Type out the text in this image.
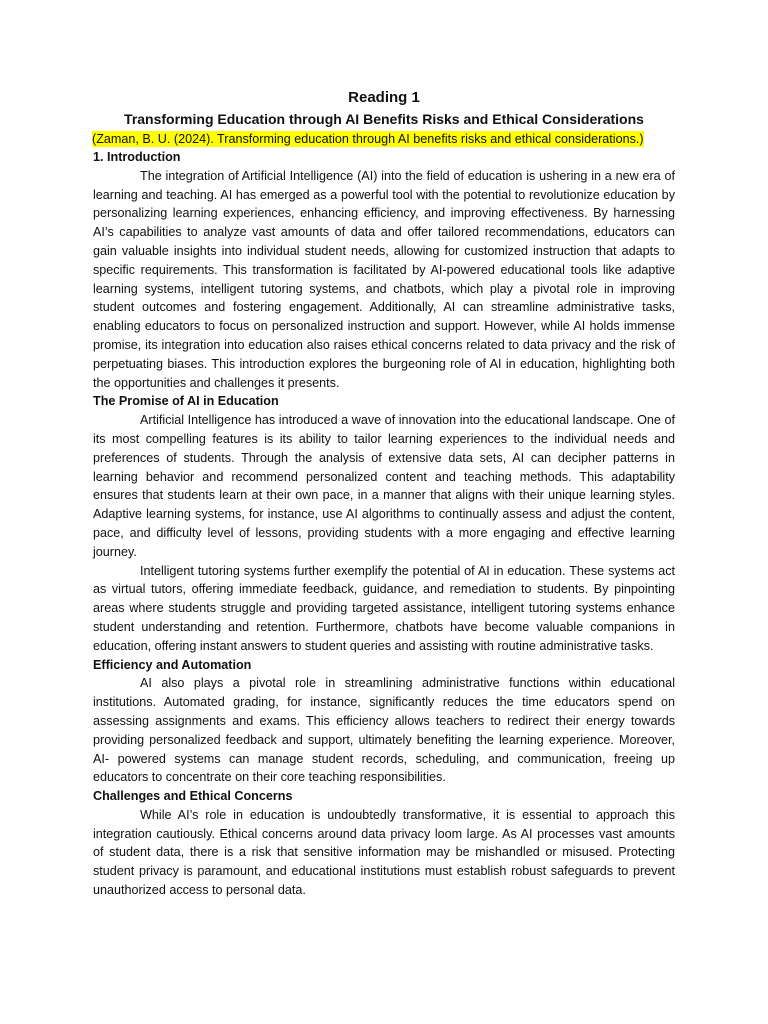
Reading 1
Transforming Education through AI Benefits Risks and Ethical Considerations
(Zaman, B. U. (2024). Transforming education through AI benefits risks and ethical considerations.)

1. Introduction

The integration of Artificial Intelligence (AI) into the field of education is ushering in a new era of learning and teaching. AI has emerged as a powerful tool with the potential to revolutionize education by personalizing learning experiences, enhancing efficiency, and improving effectiveness. By harnessing AI’s capabilities to analyze vast amounts of data and offer tailored recommendations, educators can gain valuable insights into individual student needs, allowing for customized instruction that adapts to specific requirements. This transformation is facilitated by AI-powered educational tools like adaptive learning systems, intelligent tutoring systems, and chatbots, which play a pivotal role in improving student outcomes and fostering engagement. Additionally, AI can streamline administrative tasks, enabling educators to focus on personalized instruction and support. However, while AI holds immense promise, its integration into education also raises ethical concerns related to data privacy and the risk of perpetuating biases. This introduction explores the burgeoning role of AI in education, highlighting both the opportunities and challenges it presents.

The Promise of AI in Education

Artificial Intelligence has introduced a wave of innovation into the educational landscape. One of its most compelling features is its ability to tailor learning experiences to the individual needs and preferences of students. Through the analysis of extensive data sets, AI can decipher patterns in learning behavior and recommend personalized content and teaching methods. This adaptability ensures that students learn at their own pace, in a manner that aligns with their unique learning styles. Adaptive learning systems, for instance, use AI algorithms to continually assess and adjust the content, pace, and difficulty level of lessons, providing students with a more engaging and effective learning journey.

Intelligent tutoring systems further exemplify the potential of AI in education. These systems act as virtual tutors, offering immediate feedback, guidance, and remediation to students. By pinpointing areas where students struggle and providing targeted assistance, intelligent tutoring systems enhance student understanding and retention. Furthermore, chatbots have become valuable companions in education, offering instant answers to student queries and assisting with routine administrative tasks.

Efficiency and Automation

AI also plays a pivotal role in streamlining administrative functions within educational institutions. Automated grading, for instance, significantly reduces the time educators spend on assessing assignments and exams. This efficiency allows teachers to redirect their energy towards providing personalized feedback and support, ultimately benefiting the learning experience. Moreover, AI- powered systems can manage student records, scheduling, and communication, freeing up educators to concentrate on their core teaching responsibilities.

Challenges and Ethical Concerns

While AI’s role in education is undoubtedly transformative, it is essential to approach this integration cautiously. Ethical concerns around data privacy loom large. As AI processes vast amounts of student data, there is a risk that sensitive information may be mishandled or misused. Protecting student privacy is paramount, and educational institutions must establish robust safeguards to prevent unauthorized access to personal data.
